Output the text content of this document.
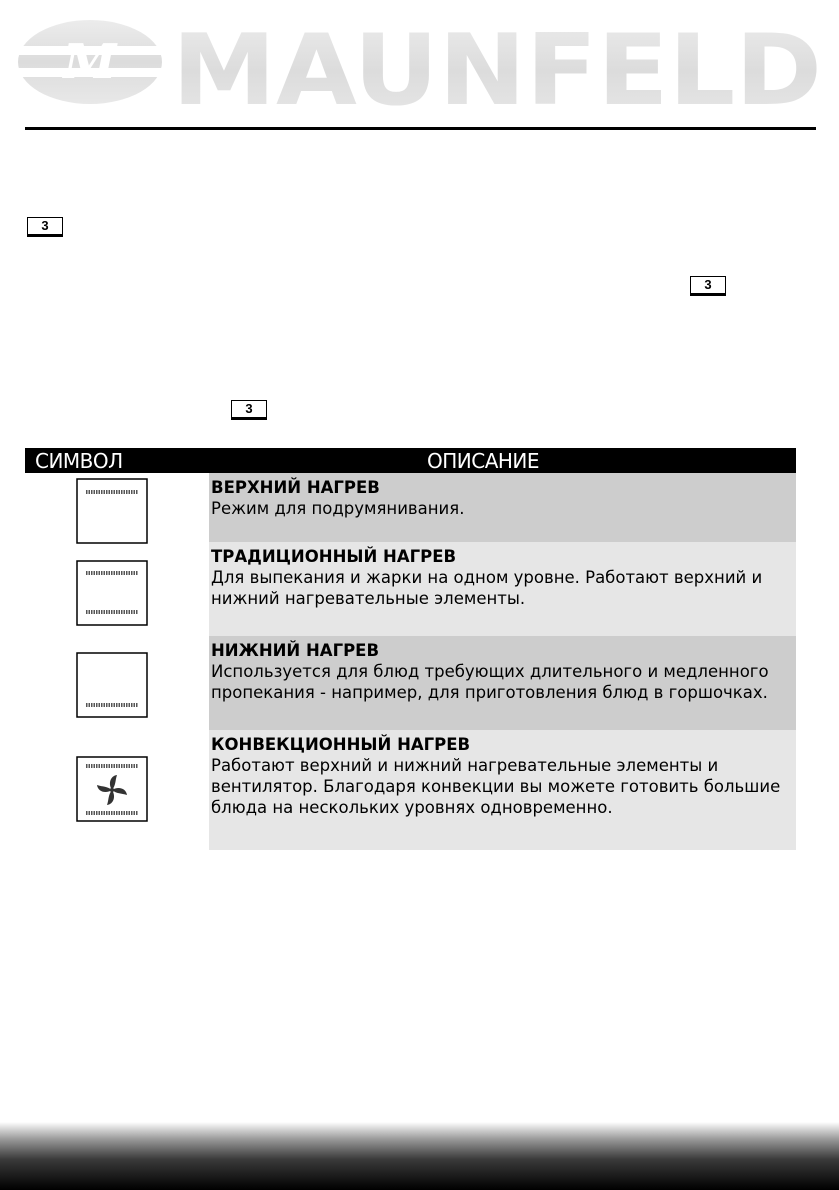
M MAUNFELD
3
3
3
СИМВОЛ	ОПИСАНИЕ
ВЕРХНИЙ НАГРЕВ
Режим для подрумянивания.
ТРАДИЦИОННЫЙ НАГРЕВ
Для выпекания и жарки на одном уровне. Работают верхний и нижний нагревательные элементы.
НИЖНИЙ НАГРЕВ
Используется для блюд требующих длительного и медленного пропекания - например, для приготовления блюд в горшочках.
КОНВЕКЦИОННЫЙ НАГРЕВ
Работают верхний и нижний нагревательные элементы и вентилятор. Благодаря конвекции вы можете готовить большие блюда на нескольких уровнях одновременно.
